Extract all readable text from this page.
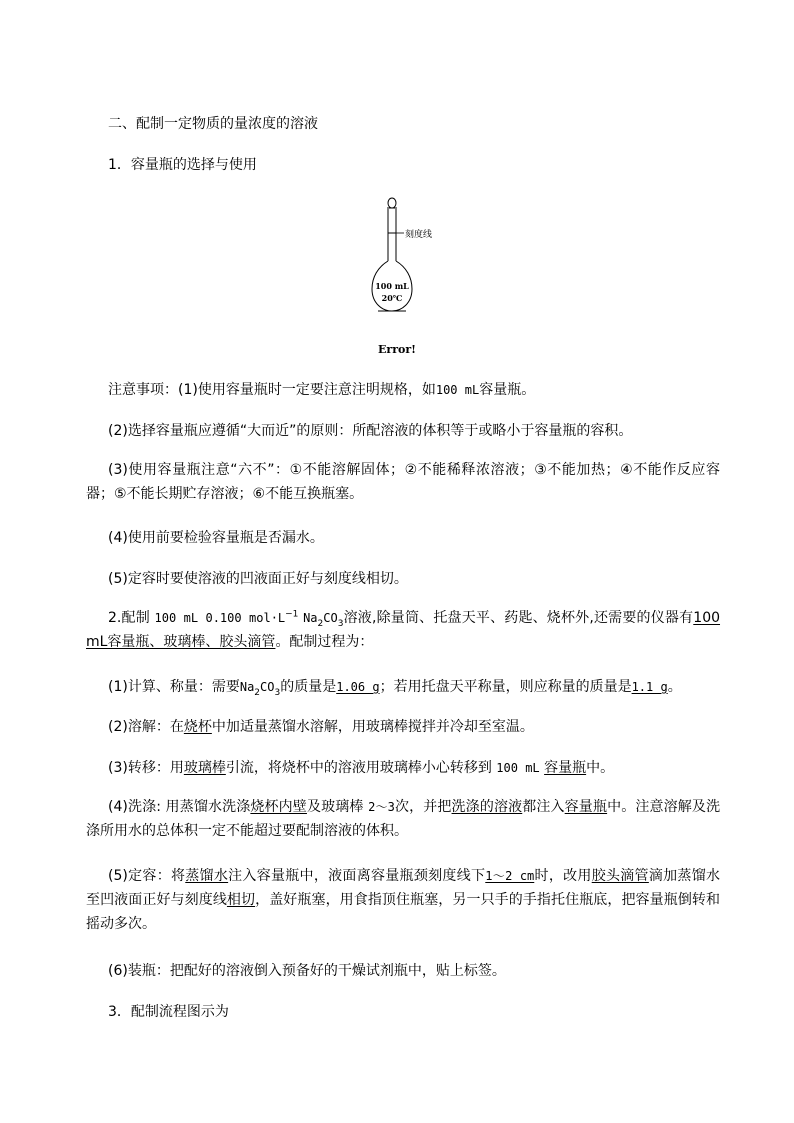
二、配制一定物质的量浓度的溶液
1．容量瓶的选择与使用
刻度线
100 mL
20℃
Error!
注意事项：(1)使用容量瓶时一定要注意注明规格，如100 mL容量瓶。
(2)选择容量瓶应遵循“大而近”的原则：所配溶液的体积等于或略小于容量瓶的容积。
(3)使用容量瓶注意“六不”：①不能溶解固体；②不能稀释浓溶液；③不能加热；④不能作反应容器；⑤不能长期贮存溶液；⑥不能互换瓶塞。
(4)使用前要检验容量瓶是否漏水。
(5)定容时要使溶液的凹液面正好与刻度线相切。
2.配制 100 mL 0.100 $mol\cdot L^{-1}$ $Na_2CO_3$溶液,除量筒、托盘天平、药匙、烧杯外,还需要的仪器有100 mL容量瓶、玻璃棒、胶头滴管。配制过程为：
(1)计算、称量：需要$Na_2CO_3$的质量是1.06 g；若用托盘天平称量，则应称量的质量是1.1 g。
(2)溶解：在烧杯中加适量蒸馏水溶解，用玻璃棒搅拌并冷却至室温。
(3)转移：用玻璃棒引流，将烧杯中的溶液用玻璃棒小心转移到 100 mL 容量瓶中。
(4)洗涤: 用蒸馏水洗涤烧杯内壁及玻璃棒 2～3次，并把洗涤的溶液都注入容量瓶中。注意溶解及洗涤所用水的总体积一定不能超过要配制溶液的体积。
(5)定容：将蒸馏水注入容量瓶中，液面离容量瓶颈刻度线下1～2 cm时，改用胶头滴管滴加蒸馏水至凹液面正好与刻度线相切，盖好瓶塞，用食指顶住瓶塞，另一只手的手指托住瓶底，把容量瓶倒转和摇动多次。
(6)装瓶：把配好的溶液倒入预备好的干燥试剂瓶中，贴上标签。
3．配制流程图示为
